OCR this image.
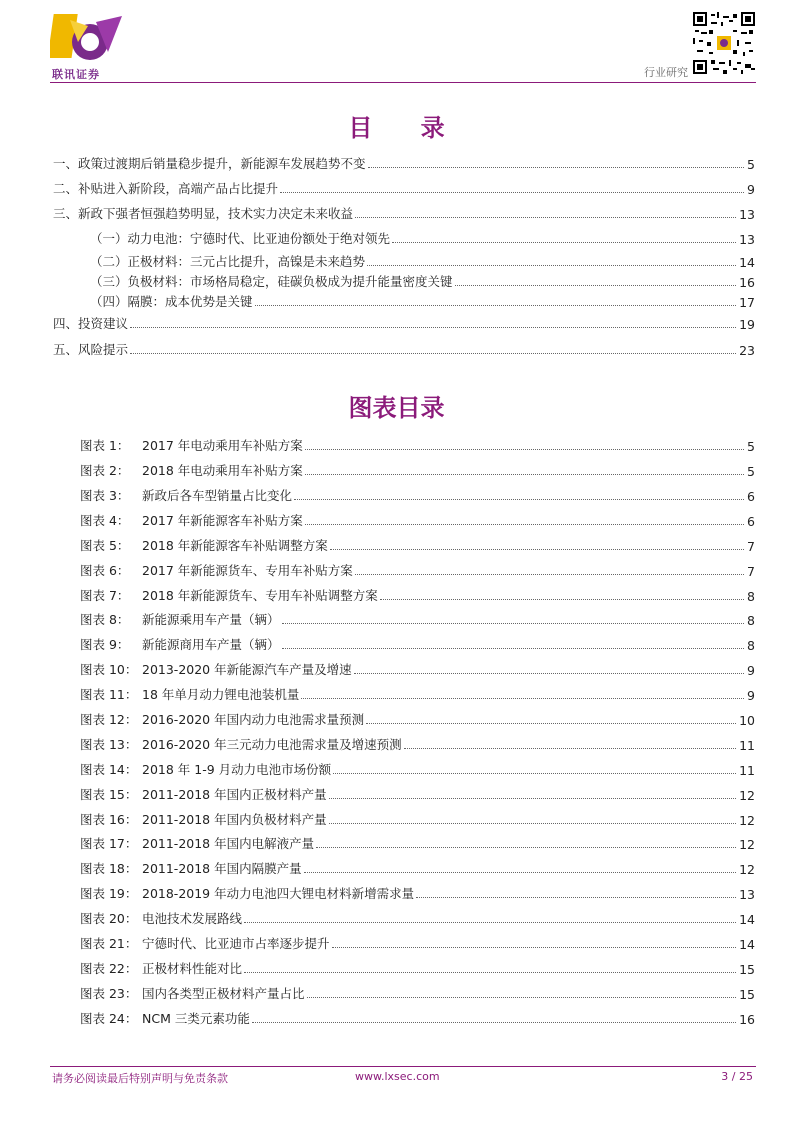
联讯证券	行业研究
目 录
一、政策过渡期后销量稳步提升，新能源车发展趋势不变	5
二、补贴进入新阶段，高端产品占比提升	9
三、新政下强者恒强趋势明显，技术实力决定未来收益	13
（一）动力电池：宁德时代、比亚迪份额处于绝对领先	13
（二）正极材料：三元占比提升，高镍是未来趋势	14
（三）负极材料：市场格局稳定，硅碳负极成为提升能量密度关键	16
（四）隔膜：成本优势是关键	17
四、投资建议	19
五、风险提示	23
图表目录
图表 1：	2017 年电动乘用车补贴方案	5
图表 2：	2018 年电动乘用车补贴方案	5
图表 3：	新政后各车型销量占比变化	6
图表 4：	2017 年新能源客车补贴方案	6
图表 5：	2018 年新能源客车补贴调整方案	7
图表 6：	2017 年新能源货车、专用车补贴方案	7
图表 7：	2018 年新能源货车、专用车补贴调整方案	8
图表 8：	新能源乘用车产量（辆）	8
图表 9：	新能源商用车产量（辆）	8
图表 10： 2013-2020 年新能源汽车产量及增速	9
图表 11： 18 年单月动力锂电池装机量	9
图表 12： 2016-2020 年国内动力电池需求量预测	10
图表 13： 2016-2020 年三元动力电池需求量及增速预测	11
图表 14： 2018 年 1-9 月动力电池市场份额	11
图表 15： 2011-2018 年国内正极材料产量	12
图表 16： 2011-2018 年国内负极材料产量	12
图表 17： 2011-2018 年国内电解液产量	12
图表 18： 2011-2018 年国内隔膜产量	12
图表 19： 2018-2019 年动力电池四大锂电材料新增需求量	13
图表 20： 电池技术发展路线	14
图表 21： 宁德时代、比亚迪市占率逐步提升	14
图表 22： 正极材料性能对比	15
图表 23： 国内各类型正极材料产量占比	15
图表 24： NCM 三类元素功能	16
请务必阅读最后特别声明与免责条款	www.lxsec.com	3 / 25
